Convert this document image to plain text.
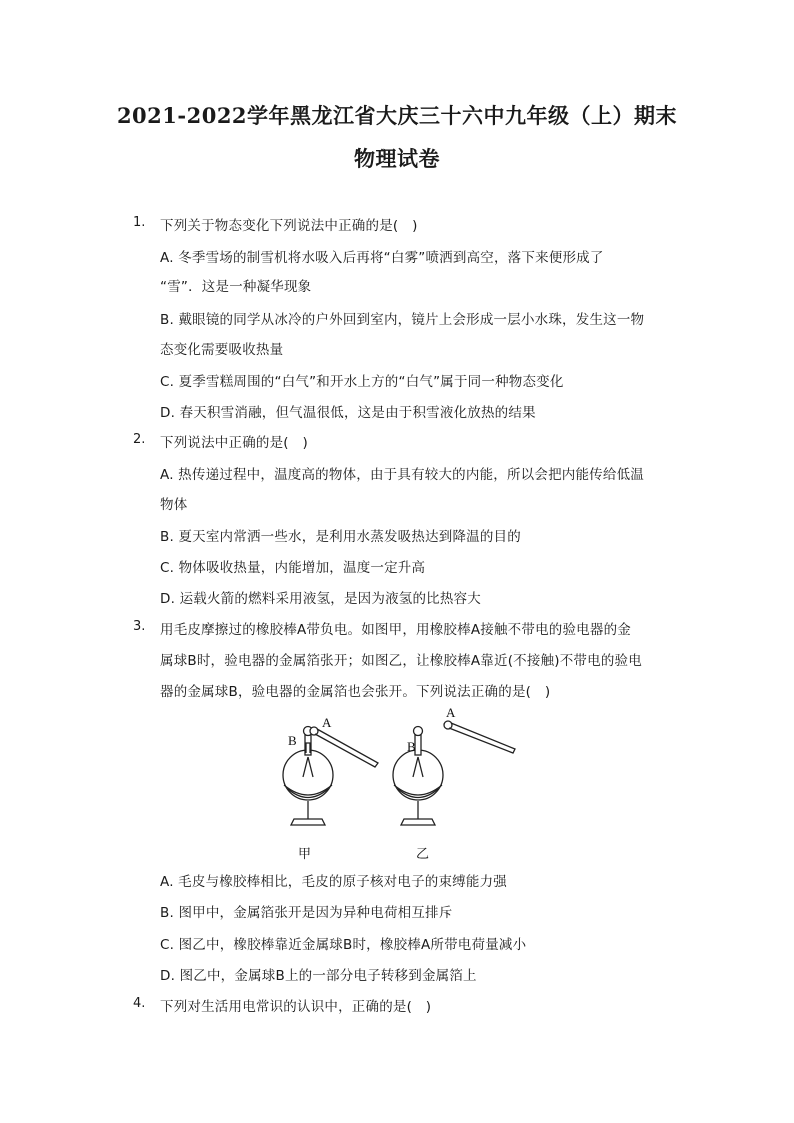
2021-2022学年黑龙江省大庆三十六中九年级（上）期末
物理试卷
1. 下列关于物态变化下列说法中正确的是(　)
A. 冬季雪场的制雪机将水吸入后再将“白雾”喷洒到高空，落下来便形成了
“雪”．这是一种凝华现象
B. 戴眼镜的同学从冰冷的户外回到室内，镜片上会形成一层小水珠，发生这一物
态变化需要吸收热量
C. 夏季雪糕周围的“白气”和开水上方的“白气”属于同一种物态变化
D. 春天积雪消融，但气温很低，这是由于积雪液化放热的结果
2. 下列说法中正确的是(　)
A. 热传递过程中，温度高的物体，由于具有较大的内能，所以会把内能传给低温
物体
B. 夏天室内常洒一些水，是利用水蒸发吸热达到降温的目的
C. 物体吸收热量，内能增加，温度一定升高
D. 运载火箭的燃料采用液氢，是因为液氢的比热容大
3. 用毛皮摩擦过的橡胶棒A带负电。如图甲，用橡胶棒A接触不带电的验电器的金
属球B时，验电器的金属箔张开；如图乙，让橡胶棒A靠近(不接触)不带电的验电
器的金属球B，验电器的金属箔也会张开。下列说法正确的是(　)
A
B
A
B
甲	乙
A. 毛皮与橡胶棒相比，毛皮的原子核对电子的束缚能力强
B. 图甲中，金属箔张开是因为异种电荷相互排斥
C. 图乙中，橡胶棒靠近金属球B时，橡胶棒A所带电荷量减小
D. 图乙中，金属球B上的一部分电子转移到金属箔上
4. 下列对生活用电常识的认识中，正确的是(　)
